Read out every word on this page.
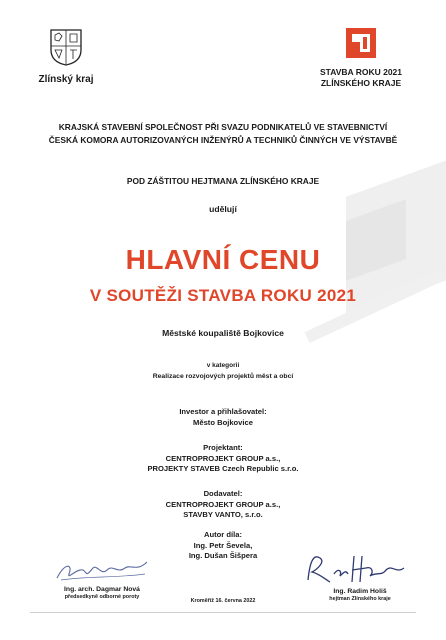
Zlínský kraj
STAVBA ROKU 2021
ZLÍNSKÉHO KRAJE
KRAJSKÁ STAVEBNÍ SPOLEČNOST PŘI SVAZU PODNIKATELŮ VE STAVEBNICTVÍ
ČESKÁ KOMORA AUTORIZOVANÝCH INŽENÝRŮ A TECHNIKŮ ČINNÝCH VE VÝSTAVBĚ
POD ZÁŠTITOU HEJTMANA ZLÍNSKÉHO KRAJE
udělují
HLAVNÍ CENU
V SOUTĚŽI STAVBA ROKU 2021
Městské koupaliště Bojkovice
v kategorii
Realizace rozvojových projektů měst a obcí
Investor a přihlašovatel:
Město Bojkovice
Projektant:
CENTROPROJEKT GROUP a.s.,
PROJEKTY STAVEB Czech Republic s.r.o.
Dodavatel:
CENTROPROJEKT GROUP a.s.,
STAVBY VANTO, s.r.o.
Autor díla:
Ing. Petr Ševela,
Ing. Dušan Šišpera
Ing. arch. Dagmar Nová
předsedkyně odborné poroty
Ing. Radim Holiš
hejtman Zlínského kraje
Kroměříž 16. června 2022
